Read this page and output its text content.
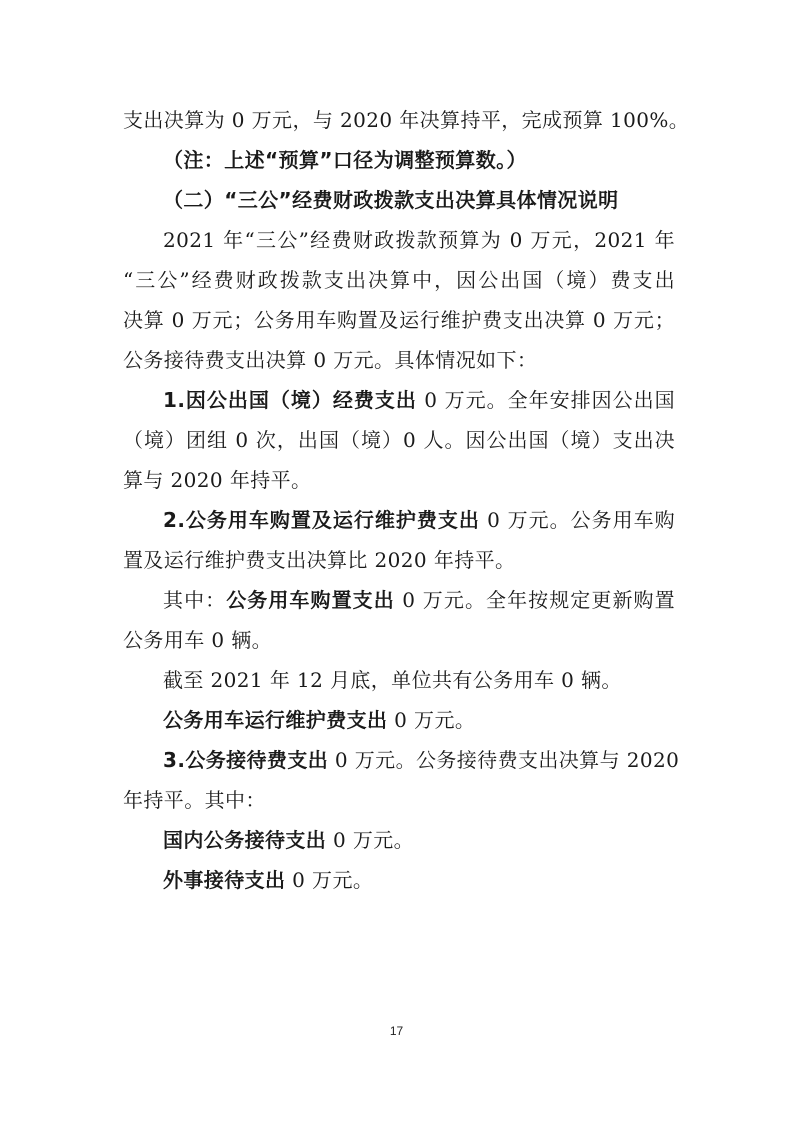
支出决算为 0 万元，与 2020 年决算持平，完成预算 100%。
（注：上述“预算”口径为调整预算数。）
（二）“三公”经费财政拨款支出决算具体情况说明
2021 年“三公”经费财政拨款预算为 0 万元，2021 年
“三公”经费财政拨款支出决算中，因公出国（境）费支出
决算 0 万元；公务用车购置及运行维护费支出决算 0 万元；
公务接待费支出决算 0 万元。具体情况如下：
1.因公出国（境）经费支出 0 万元。全年安排因公出国
（境）团组 0 次，出国（境）0 人。因公出国（境）支出决
算与 2020 年持平。
2.公务用车购置及运行维护费支出 0 万元。公务用车购
置及运行维护费支出决算比 2020 年持平。
其中：公务用车购置支出 0 万元。全年按规定更新购置
公务用车 0 辆。
截至 2021 年 12 月底，单位共有公务用车 0 辆。
公务用车运行维护费支出 0 万元。
3.公务接待费支出 0 万元。公务接待费支出决算与 2020
年持平。其中：
国内公务接待支出 0 万元。
外事接待支出 0 万元。
17
